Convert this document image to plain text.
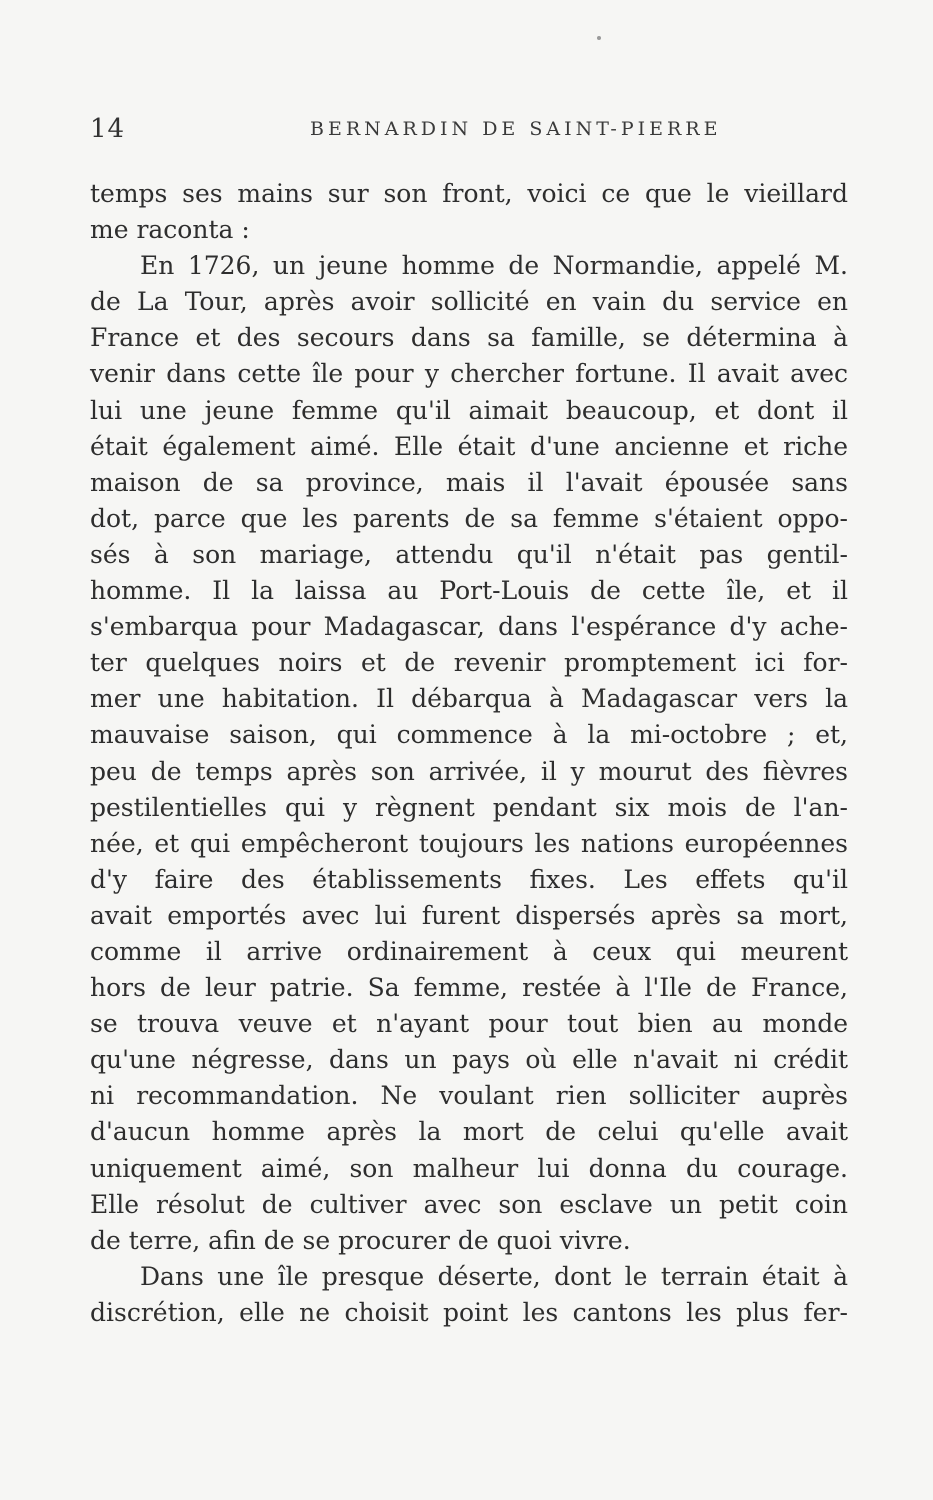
14	BERNARDIN DE SAINT-PIERRE
temps ses mains sur son front, voici ce que le vieillard
me raconta :
En 1726, un jeune homme de Normandie, appelé M.
de La Tour, après avoir sollicité en vain du service en
France et des secours dans sa famille, se détermina à
venir dans cette île pour y chercher fortune. Il avait avec
lui une jeune femme qu'il aimait beaucoup, et dont il
était également aimé. Elle était d'une ancienne et riche
maison de sa province, mais il l'avait épousée sans
dot, parce que les parents de sa femme s'étaient oppo-
sés à son mariage, attendu qu'il n'était pas gentil-
homme. Il la laissa au Port-Louis de cette île, et il
s'embarqua pour Madagascar, dans l'espérance d'y ache-
ter quelques noirs et de revenir promptement ici for-
mer une habitation. Il débarqua à Madagascar vers la
mauvaise saison, qui commence à la mi-octobre ; et,
peu de temps après son arrivée, il y mourut des fièvres
pestilentielles qui y règnent pendant six mois de l'an-
née, et qui empêcheront toujours les nations européennes
d'y faire des établissements fixes. Les effets qu'il
avait emportés avec lui furent dispersés après sa mort,
comme il arrive ordinairement à ceux qui meurent
hors de leur patrie. Sa femme, restée à l'Ile de France,
se trouva veuve et n'ayant pour tout bien au monde
qu'une négresse, dans un pays où elle n'avait ni crédit
ni recommandation. Ne voulant rien solliciter auprès
d'aucun homme après la mort de celui qu'elle avait
uniquement aimé, son malheur lui donna du courage.
Elle résolut de cultiver avec son esclave un petit coin
de terre, afin de se procurer de quoi vivre.
Dans une île presque déserte, dont le terrain était à
discrétion, elle ne choisit point les cantons les plus fer-
